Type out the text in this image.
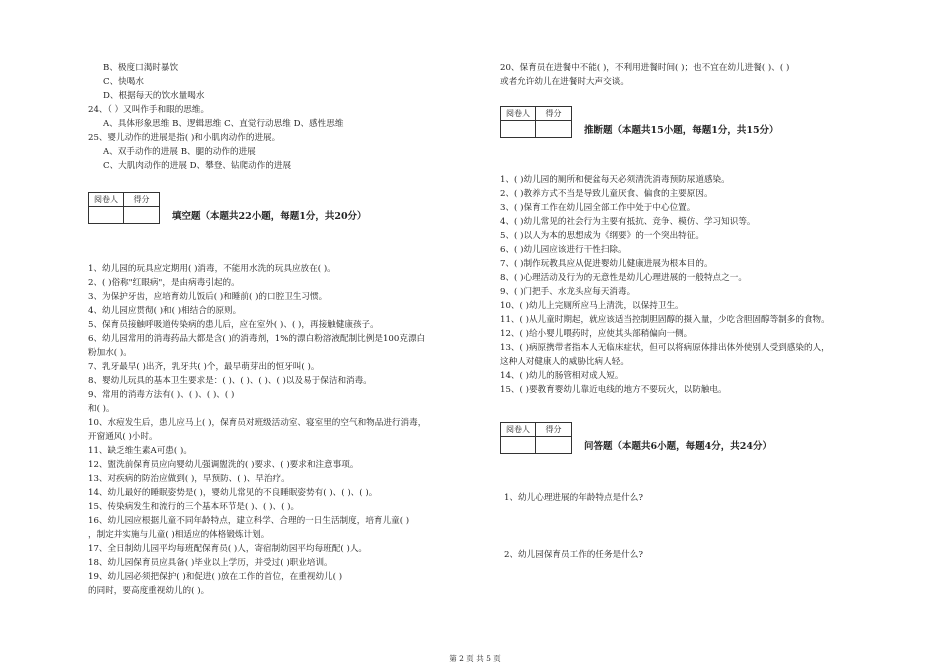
B、极度口渴时暴饮
C、快喝水
D、根据每天的饮水量喝水
24、（ ）又叫作手和眼的思维。
A、具体形象思维 B、逻辑思维 C、直觉行动思维 D、感性思维
25、婴儿动作的进展是指( )和小肌肉动作的进展。
A、双手动作的进展 B、腿的动作的进展
C、大肌肉动作的进展 D、攀登、钻爬动作的进展
阅卷人	得分
填空题（本题共22小题，每题1分，共20分）
1、幼儿园的玩具应定期用( )消毒，不能用水洗的玩具应放在( )。
2、( )俗称"红眼病"，是由病毒引起的。
3、为保护牙齿，应培育幼儿饭后( )和睡前( )的口腔卫生习惯。
4、幼儿园应贯彻( )和( )相结合的原则。
5、保育员接触呼吸道传染病的患儿后，应在室外( )、( )，再接触健康孩子。
6、幼儿园常用的消毒药品大都是含( )的消毒剂，1%的漂白粉溶液配制比例是100克漂白
粉加水( )。
7、乳牙最早( )出齐，乳牙共( )个，最早萌芽出的恒牙叫( )。
8、婴幼儿玩具的基本卫生要求是：( )、( )、( )、( )以及易于保洁和消毒。
9、常用的消毒方法有( )、( )、( )、( )
和( )。
10、水痘发生后，患儿应马上( )，保育员对班级活动室、寝室里的空气和物品进行消毒，
开窗通风( )小时。
11、缺乏维生素A可患( )。
12、盥洗前保育员应向婴幼儿强调盥洗的( )要求、( )要求和注意事项。
13、对疾病的防治应做到( )，早预防、( )、早治疗。
14、幼儿最好的睡眠姿势是( )，婴幼儿常见的不良睡眠姿势有( )、( )、( )。
15、传染病发生和流行的三个基本环节是( )、( )、( )。
16、幼儿园应根据儿童不同年龄特点，建立科学、合理的一日生活制度，培育儿童( )
，制定并实施与儿童( )相适应的体格锻炼计划。
17、全日制幼儿园平均每班配保育员( )人，寄宿制幼园平均每班配( )人。
18、幼儿园保育员应具备( )毕业以上学历，并受过( )职业培训。
19、幼儿园必须把保护( )和促进( )放在工作的首位，在重视幼儿( )
的同时，要高度重视幼儿的( )。
20、保育员在进餐中不能( )，不利用进餐时间( )；也不宜在幼儿进餐( )、( )
或者允许幼儿在进餐时大声交谈。
阅卷人	得分
推断题（本题共15小题，每题1分，共15分）
1、( )幼儿园的厕所和便盆每天必须清洗消毒预防尿道感染。
2、( )教养方式不当是导致儿童厌食、偏食的主要原因。
3、( )保育工作在幼儿园全部工作中处于中心位置。
4、( )幼儿常见的社会行为主要有抵抗、竞争、模仿、学习知识等。
5、( )以人为本的思想成为《纲要》的一个突出特征。
6、( )幼儿园应该进行干性扫除。
7、( )制作玩教具应从促进婴幼儿健康进展为根本目的。
8、( )心理活动及行为的无意性是幼儿心理进展的一般特点之一。
9、( )门把手、水龙头应每天消毒。
10、( )幼儿上完厕所应马上清洗，以保持卫生。
11、( )从儿童时期起，就应该适当控制胆固醇的摄入量，少吃含胆固醇等制多的食物。
12、( )给小婴儿喂药时，应使其头部稍偏向一侧。
13、( )病原携带者指本人无临床症状，但可以将病原体排出体外使别人受到感染的人，
这种人对健康人的威胁比病人轻。
14、( )幼儿的肠管相对成人短。
15、( )要教育婴幼儿靠近电线的地方不要玩火，以防触电。
阅卷人	得分
问答题（本题共6小题，每题4分，共24分）
1、幼儿心理进展的年龄特点是什么?
2、幼儿园保育员工作的任务是什么?
第 2 页 共 5 页
